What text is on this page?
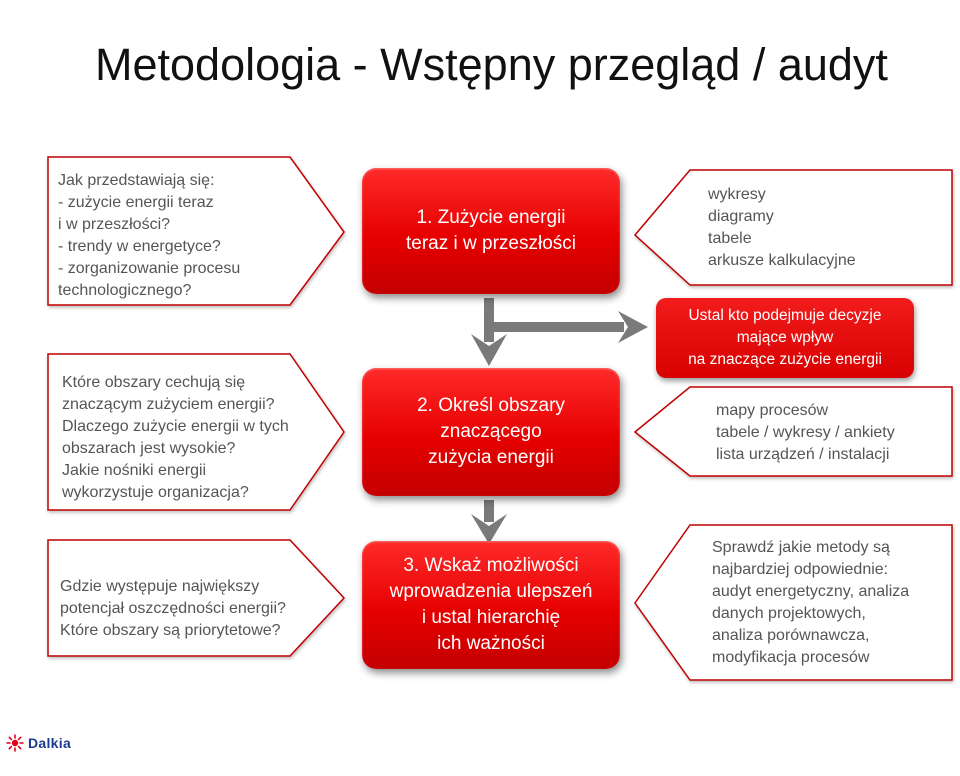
Metodologia - Wstępny przegląd / audyt
Jak przedstawiają się:
- zużycie energii teraz
i w przeszłości?
- trendy w energetyce?
- zorganizowanie procesu
technologicznego?
Które obszary cechują się
znaczącym zużyciem energii?
Dlaczego zużycie energii w tych
obszarach jest wysokie?
Jakie nośniki energii
wykorzystuje organizacja?
Gdzie występuje największy
potencjał oszczędności energii?
Które obszary są priorytetowe?
1. Zużycie energii
teraz i w przeszłości
2. Określ obszary
znaczącego
zużycia energii
3. Wskaż możliwości
wprowadzenia ulepszeń
i ustal hierarchię
ich ważności
Ustal kto podejmuje decyzje
mające wpływ
na znaczące zużycie energii
wykresy
diagramy
tabele
arkusze kalkulacyjne
mapy procesów
tabele / wykresy / ankiety
lista urządzeń / instalacji
Sprawdź jakie metody są
najbardziej odpowiednie:
audyt energetyczny, analiza
danych projektowych,
analiza porównawcza,
modyfikacja procesów
Dalkia
